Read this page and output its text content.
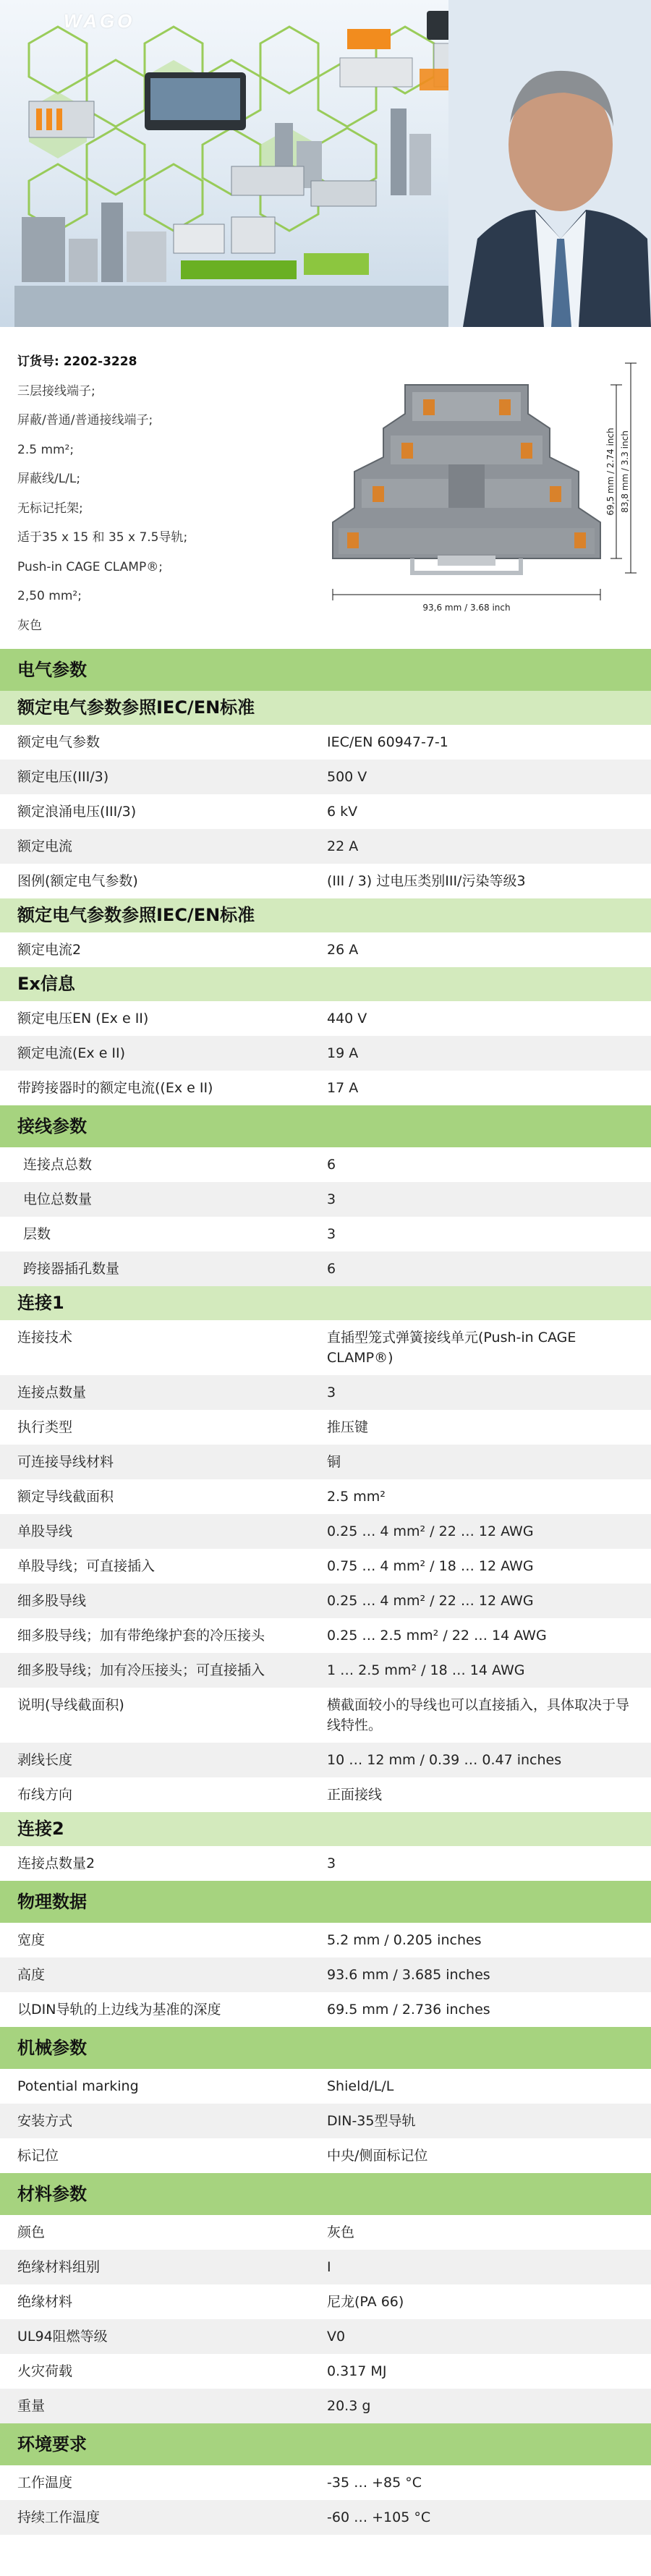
WAGO
订货号: 2202-3228
三层接线端子;
屏蔽/普通/普通接线端子;
2.5 mm²;
屏蔽线/L/L;
无标记托架;
适于35 x 15 和 35 x 7.5导轨;
Push-in CAGE CLAMP®;
2,50 mm²;
灰色
93,6 mm / 3.68 inch
69,5 mm / 2.74 inch 83,8 mm / 3.3 inch
电气参数
额定电气参数参照IEC/EN标准
额定电气参数	IEC/EN 60947-7-1
额定电压(III/3)	500 V
额定浪涌电压(III/3)	6 kV
额定电流	22 A
图例(额定电气参数)	(III / 3) 过电压类别III/污染等级3
额定电气参数参照IEC/EN标准
额定电流2	26 A
Ex信息
额定电压EN (Ex e II)	440 V
额定电流(Ex e II)	19 A
带跨接器时的额定电流((Ex e II)	17 A
接线参数
连接点总数	6
电位总数量	3
层数	3
跨接器插孔数量	6
连接1
连接技术	直插型笼式弹簧接线单元(Push-in CAGE CLAMP®)
连接点数量	3
执行类型	推压键
可连接导线材料	铜
额定导线截面积	2.5 mm²
单股导线	0.25 … 4 mm² / 22 … 12 AWG
单股导线；可直接插入	0.75 … 4 mm² / 18 … 12 AWG
细多股导线	0.25 … 4 mm² / 22 … 12 AWG
细多股导线；加有带绝缘护套的冷压接头	0.25 … 2.5 mm² / 22 … 14 AWG
细多股导线；加有冷压接头；可直接插入	1 … 2.5 mm² / 18 … 14 AWG
说明(导线截面积)	横截面较小的导线也可以直接插入，具体取决于导线特性。
剥线长度	10 … 12 mm / 0.39 … 0.47 inches
布线方向	正面接线
连接2
连接点数量2	3
物理数据
宽度	5.2 mm / 0.205 inches
高度	93.6 mm / 3.685 inches
以DIN导轨的上边线为基准的深度	69.5 mm / 2.736 inches
机械参数
Potential marking	Shield/L/L
安装方式	DIN-35型导轨
标记位	中央/侧面标记位
材料参数
颜色	灰色
绝缘材料组别	I
绝缘材料	尼龙(PA 66)
UL94阻燃等级	V0
火灾荷载	0.317 MJ
重量	20.3 g
环境要求
工作温度	-35 … +85 °C
持续工作温度	-60 … +105 °C
